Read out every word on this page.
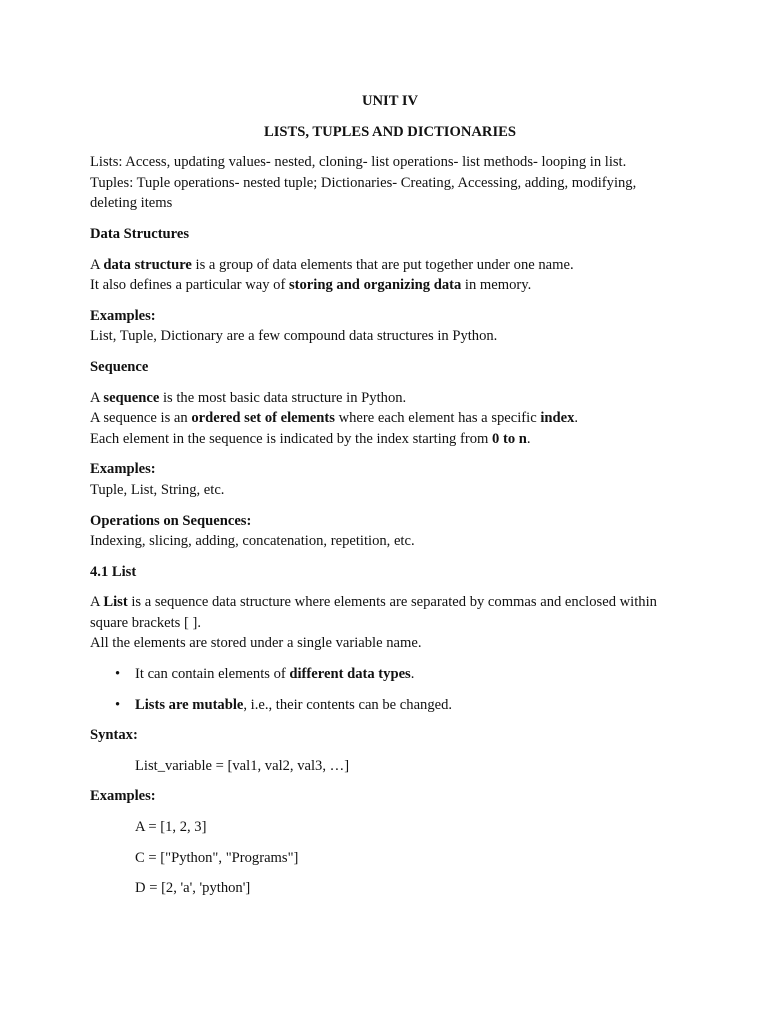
UNIT IV

LISTS, TUPLES AND DICTIONARIES

Lists: Access, updating values- nested, cloning- list operations- list methods- looping in list.
Tuples: Tuple operations- nested tuple; Dictionaries- Creating, Accessing, adding, modifying,
deleting items

Data Structures

A data structure is a group of data elements that are put together under one name.
It also defines a particular way of storing and organizing data in memory.

Examples:
List, Tuple, Dictionary are a few compound data structures in Python.

Sequence

A sequence is the most basic data structure in Python.
A sequence is an ordered set of elements where each element has a specific index.
Each element in the sequence is indicated by the index starting from 0 to n.

Examples:
Tuple, List, String, etc.

Operations on Sequences:
Indexing, slicing, adding, concatenation, repetition, etc.

4.1 List

A List is a sequence data structure where elements are separated by commas and enclosed within
square brackets [ ].
All the elements are stored under a single variable name.

• It can contain elements of different data types.
• Lists are mutable, i.e., their contents can be changed.

Syntax:

List_variable = [val1, val2, val3, …]

Examples:

A = [1, 2, 3]

C = ["Python", "Programs"]

D = [2, 'a', 'python']
